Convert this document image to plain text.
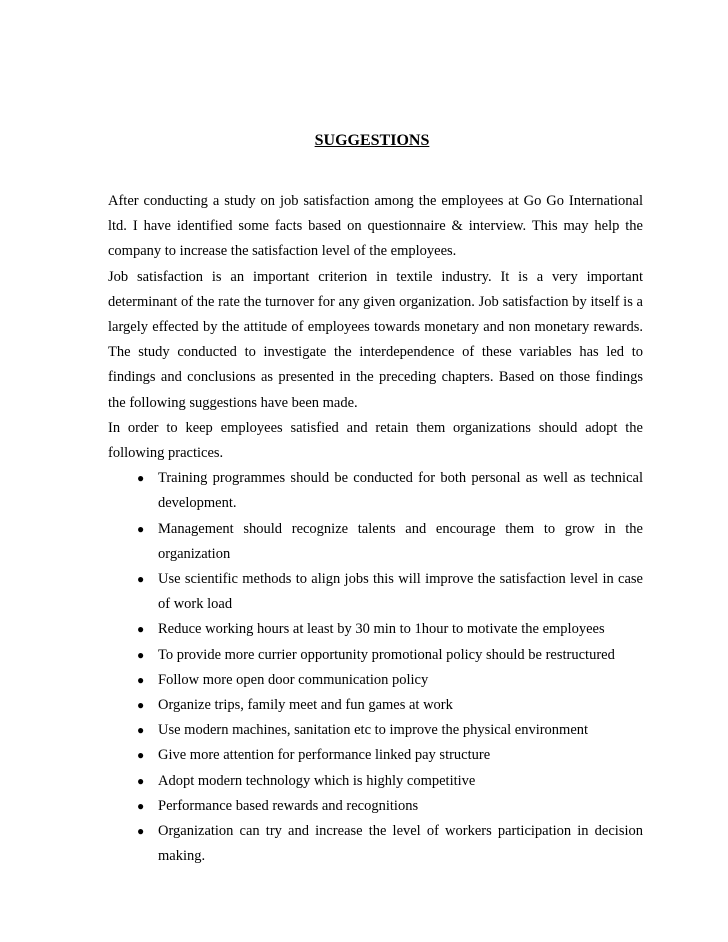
SUGGESTIONS

After conducting a study on job satisfaction among the employees at Go Go International ltd. I have identified some facts based on questionnaire & interview. This may help the company to increase the satisfaction level of the employees.

Job satisfaction is an important criterion in textile industry. It is a very important determinant of the rate the turnover for any given organization. Job satisfaction by itself is a largely effected by the attitude of employees towards monetary and non monetary rewards. The study conducted to investigate the interdependence of these variables has led to findings and conclusions as presented in the preceding chapters. Based on those findings the following suggestions have been made.

In order to keep employees satisfied and retain them organizations should adopt the following practices.

● Training programmes should be conducted for both personal as well as technical development.
● Management should recognize talents and encourage them to grow in the organization
● Use scientific methods to align jobs this will improve the satisfaction level in case of work load
● Reduce working hours at least by 30 min to 1hour to motivate the employees
● To provide more currier opportunity promotional policy should be restructured
● Follow more open door communication policy
● Organize trips, family meet and fun games at work
● Use modern machines, sanitation etc to improve the physical environment
● Give more attention for performance linked pay structure
● Adopt modern technology which is highly competitive
● Performance based rewards and recognitions
● Organization can try and increase the level of workers participation in decision making.
